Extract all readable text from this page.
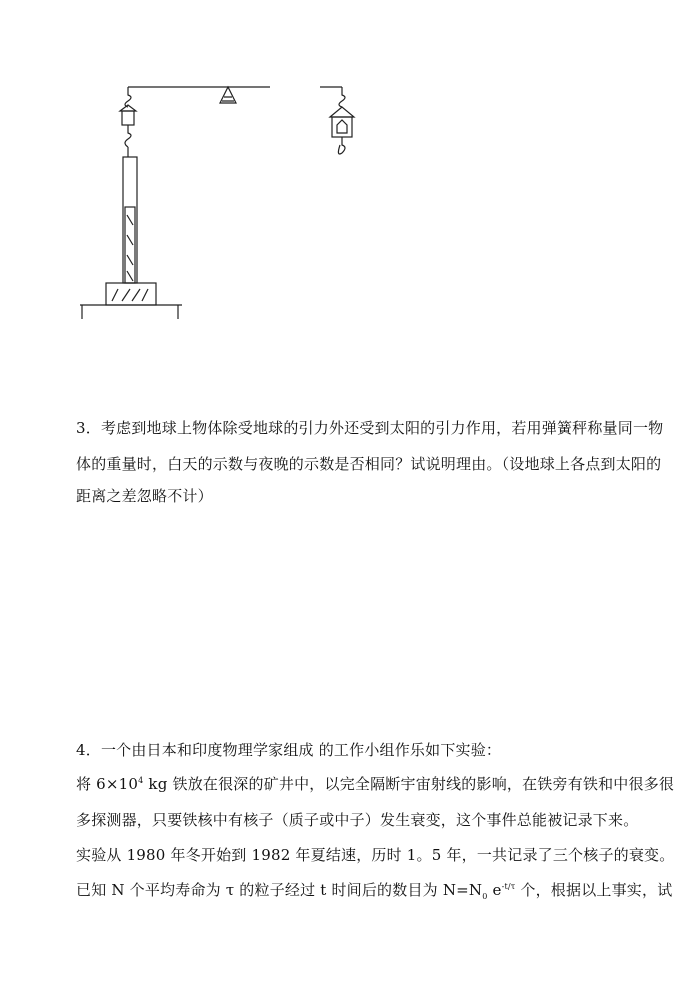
3．考虑到地球上物体除受地球的引力外还受到太阳的引力作用，若用弹簧秤称量同一物
体的重量时，白天的示数与夜晚的示数是否相同？试说明理由。（设地球上各点到太阳的
距离之差忽略不计）
4．一个由日本和印度物理学家组成 的工作小组作乐如下实验：
将 $6\times 10^4$ kg 铁放在很深的矿井中，以完全隔断宇宙射线的影响，在铁旁有铁和中很多很
多探测器，只要铁核中有核子（质子或中子）发生衰变，这个事件总能被记录下来。
实验从 1980 年冬开始到 1982 年夏结速，历时 1。5 年，一共记录了三个核子的衰变。
已知 N 个平均寿命为 τ 的粒子经过 t 时间后的数目为 $N=N_0$ $e^{-t/\tau}$ 个，根据以上事实，试
